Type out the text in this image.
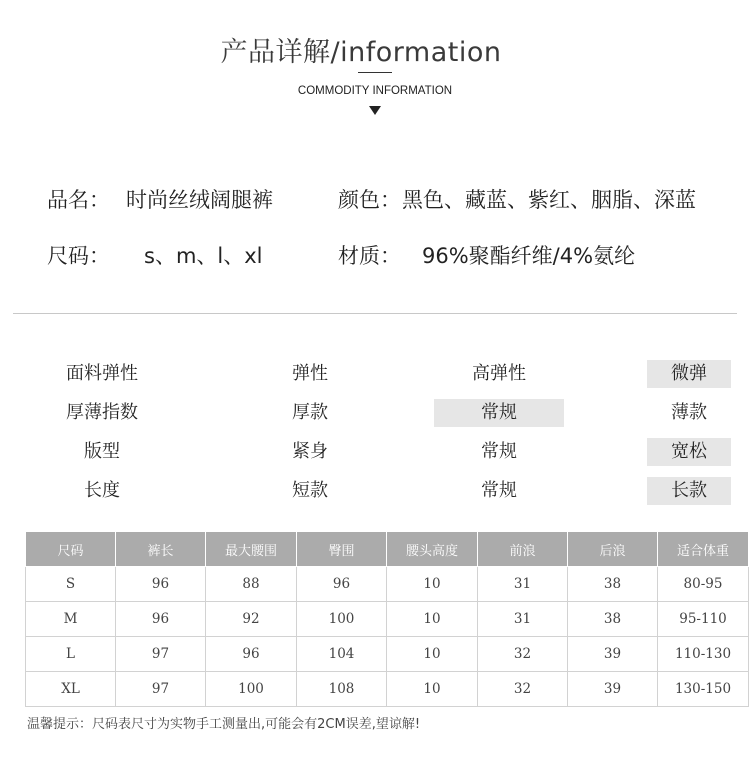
产品详解/information
COMMODITY INFORMATION
品名： 时尚丝绒阔腿裤	颜色： 黑色、藏蓝、紫红、胭脂、深蓝
尺码： s、m、l、xl	材质： 96%聚酯纤维/4%氨纶
面料弹性	弹性	高弹性	微弹
厚薄指数	厚款	常规	薄款
版型	紧身	常规	宽松
长度	短款	常规	长款
尺码	裤长	最大腰围	臀围	腰头高度	前浪	后浪	适合体重
S	96	88	96	10	31	38	80-95
M	96	92	100	10	31	38	95-110
L	97	96	104	10	32	39	110-130
XL	97	100	108	10	32	39	130-150
温馨提示：尺码表尺寸为实物手工测量出,可能会有2CM误差,望谅解!
